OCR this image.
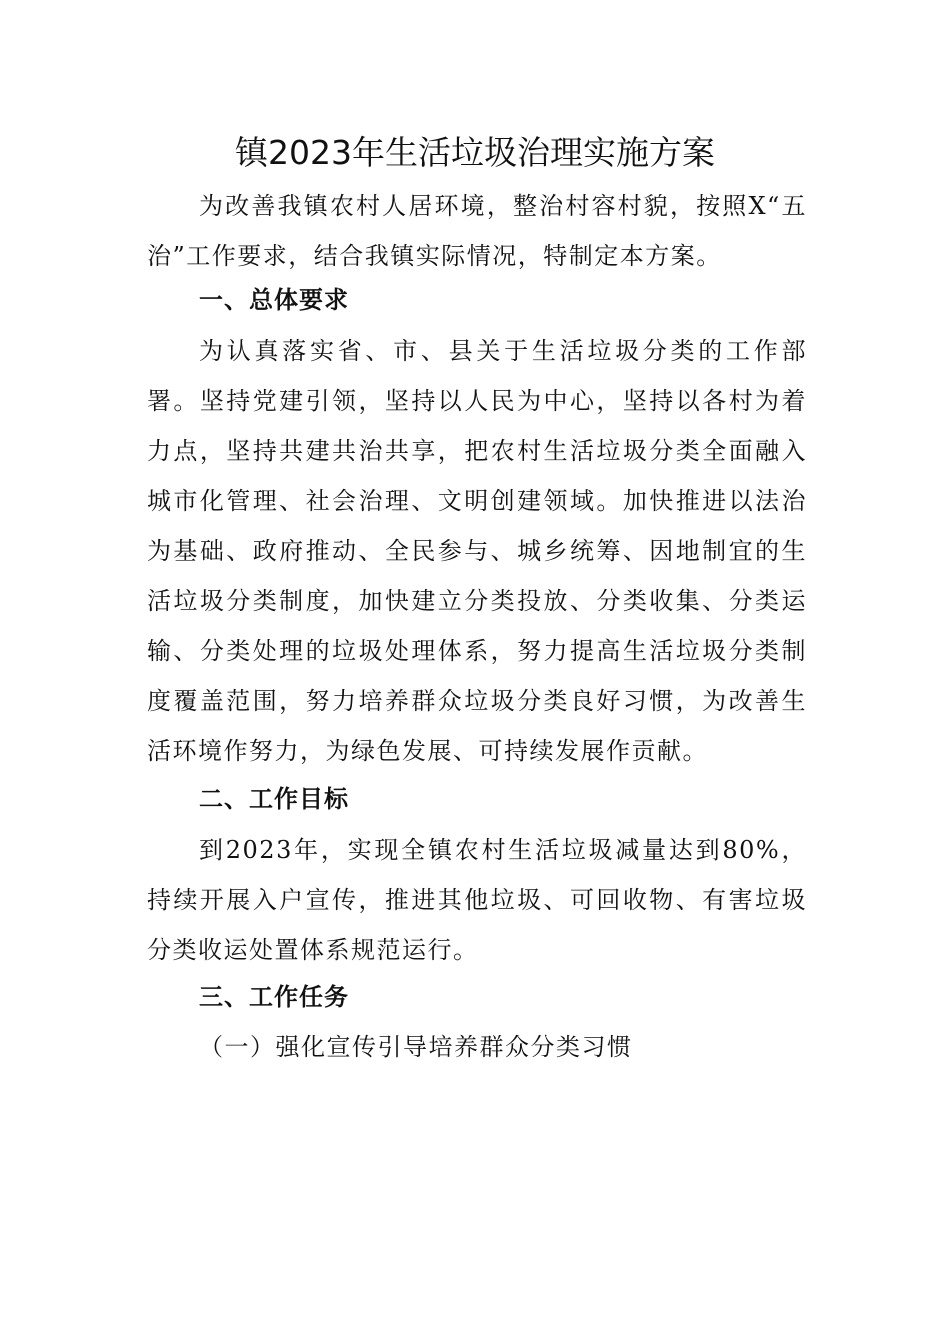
镇2023年生活垃圾治理实施方案

为改善我镇农村人居环境，整治村容村貌，按照X“五治”工作要求，结合我镇实际情况，特制定本方案。

一、总体要求

为认真落实省、市、县关于生活垃圾分类的工作部署。坚持党建引领，坚持以人民为中心，坚持以各村为着力点，坚持共建共治共享，把农村生活垃圾分类全面融入城市化管理、社会治理、文明创建领域。加快推进以法治为基础、政府推动、全民参与、城乡统筹、因地制宜的生活垃圾分类制度，加快建立分类投放、分类收集、分类运输、分类处理的垃圾处理体系，努力提高生活垃圾分类制度覆盖范围，努力培养群众垃圾分类良好习惯，为改善生活环境作努力，为绿色发展、可持续发展作贡献。

二、工作目标

到2023年，实现全镇农村生活垃圾减量达到80%，持续开展入户宣传，推进其他垃圾、可回收物、有害垃圾分类收运处置体系规范运行。

三、工作任务

（一）强化宣传引导培养群众分类习惯
